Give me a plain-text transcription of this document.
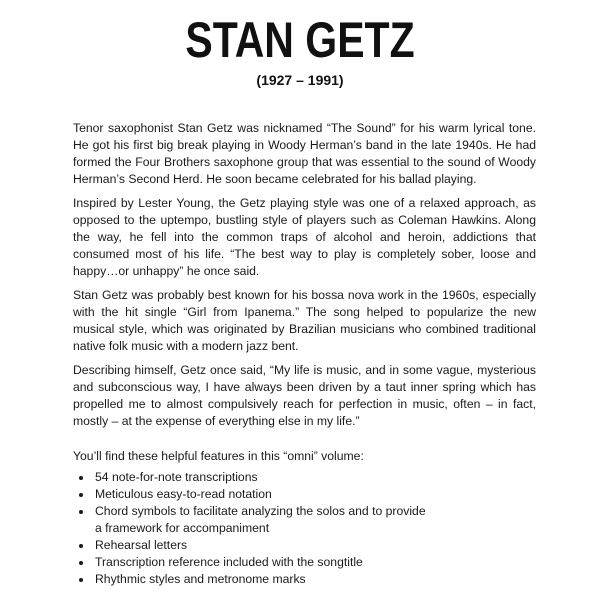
STAN GETZ
(1927 – 1991)

Tenor saxophonist Stan Getz was nicknamed “The Sound” for his warm lyrical tone. He got his first big break playing in Woody Herman’s band in the late 1940s. He had formed the Four Brothers saxophone group that was essential to the sound of Woody Herman’s Second Herd. He soon became celebrated for his ballad playing.

Inspired by Lester Young, the Getz playing style was one of a relaxed approach, as opposed to the uptempo, bustling style of players such as Coleman Hawkins. Along the way, he fell into the common traps of alcohol and heroin, addictions that consumed most of his life. “The best way to play is completely sober, loose and happy…or unhappy” he once said.

Stan Getz was probably best known for his bossa nova work in the 1960s, especially with the hit single “Girl from Ipanema.” The song helped to popularize the new musical style, which was originated by Brazilian musicians who combined traditional native folk music with a modern jazz bent.

Describing himself, Getz once said, “My life is music, and in some vague, mysterious and subconscious way, I have always been driven by a taut inner spring which has propelled me to almost compulsively reach for perfection in music, often – in fact, mostly – at the expense of everything else in my life.”

You’ll find these helpful features in this “omni” volume:
• 54 note-for-note transcriptions
• Meticulous easy-to-read notation
• Chord symbols to facilitate analyzing the solos and to provide a framework for accompaniment
• Rehearsal letters
• Transcription reference included with the songtitle
• Rhythmic styles and metronome marks
